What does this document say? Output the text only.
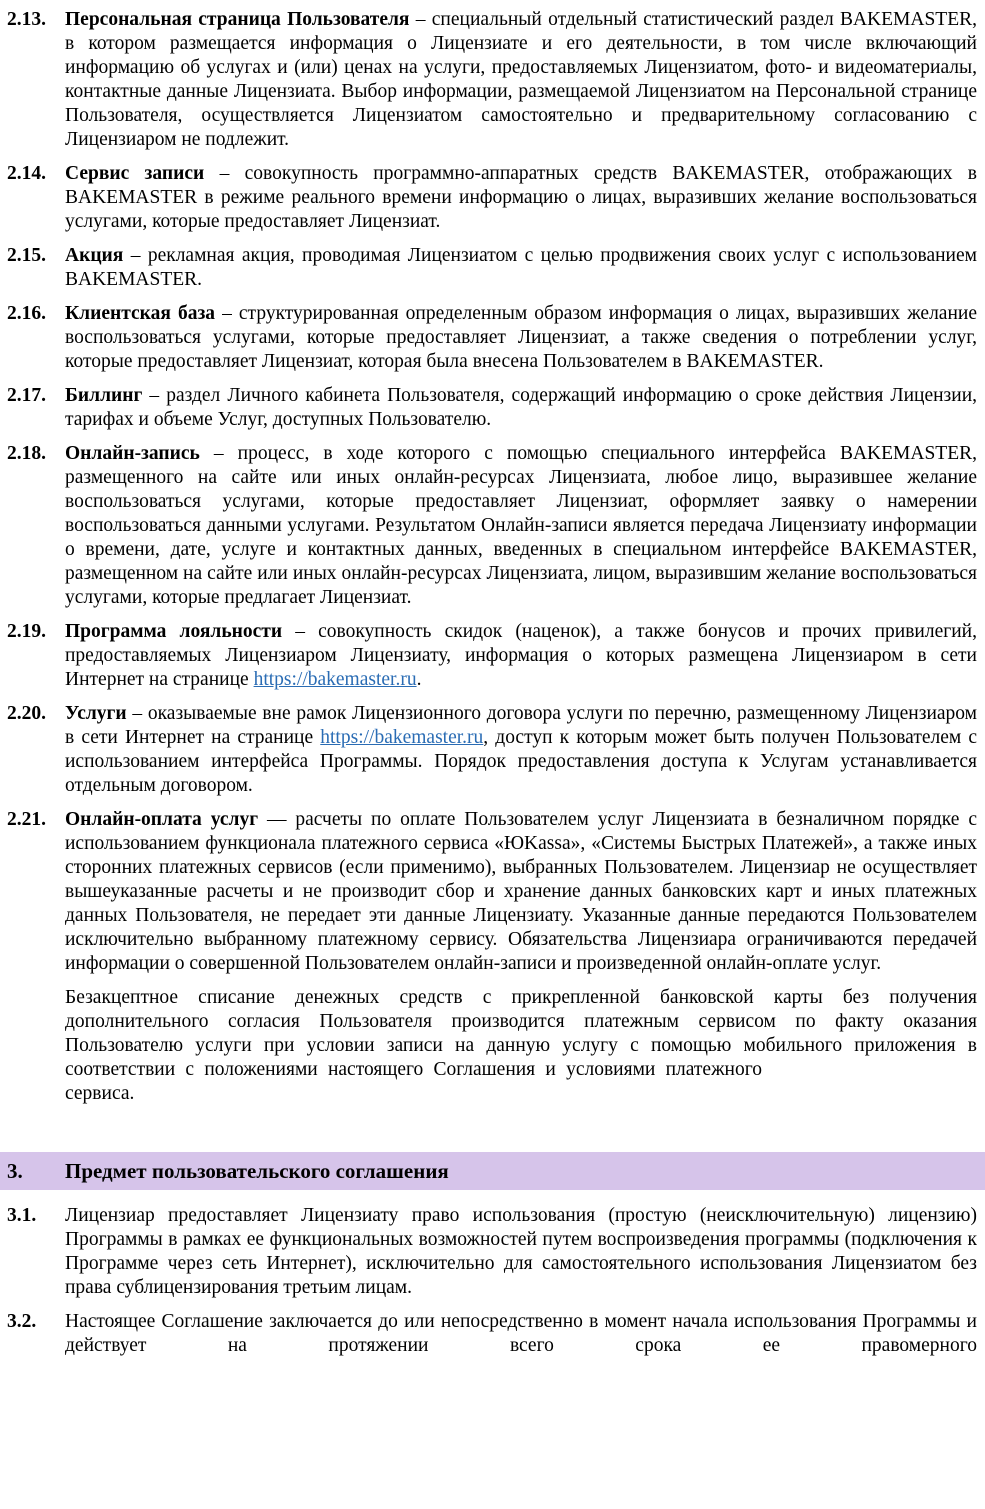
2.13. Персональная страница Пользователя – специальный отдельный статистический раздел BAKEMASTER, в котором размещается информация о Лицензиате и его деятельности, в том числе включающий информацию об услугах и (или) ценах на услуги, предоставляемых Лицензиатом, фото- и видеоматериалы, контактные данные Лицензиата. Выбор информации, размещаемой Лицензиатом на Персональной странице Пользователя, осуществляется Лицензиатом самостоятельно и предварительному согласованию с Лицензиаром не подлежит.

2.14. Сервис записи – совокупность программно-аппаратных средств BAKEMASTER, отображающих в BAKEMASTER в режиме реального времени информацию о лицах, выразивших желание воспользоваться услугами, которые предоставляет Лицензиат.

2.15. Акция – рекламная акция, проводимая Лицензиатом с целью продвижения своих услуг с использованием BAKEMASTER.

2.16. Клиентская база – структурированная определенным образом информация о лицах, выразивших желание воспользоваться услугами, которые предоставляет Лицензиат, а также сведения о потреблении услуг, которые предоставляет Лицензиат, которая была внесена Пользователем в BAKEMASTER.

2.17. Биллинг – раздел Личного кабинета Пользователя, содержащий информацию о сроке действия Лицензии, тарифах и объеме Услуг, доступных Пользователю.

2.18. Онлайн-запись – процесс, в ходе которого с помощью специального интерфейса BAKEMASTER, размещенного на сайте или иных онлайн-ресурсах Лицензиата, любое лицо, выразившее желание воспользоваться услугами, которые предоставляет Лицензиат, оформляет заявку о намерении воспользоваться данными услугами. Результатом Онлайн-записи является передача Лицензиату информации о времени, дате, услуге и контактных данных, введенных в специальном интерфейсе BAKEMASTER, размещенном на сайте или иных онлайн-ресурсах Лицензиата, лицом, выразившим желание воспользоваться услугами, которые предлагает Лицензиат.

2.19. Программа лояльности – совокупность скидок (наценок), а также бонусов и прочих привилегий, предоставляемых Лицензиаром Лицензиату, информация о которых размещена Лицензиаром в сети Интернет на странице https://bakemaster.ru.

2.20. Услуги – оказываемые вне рамок Лицензионного договора услуги по перечню, размещенному Лицензиаром в сети Интернет на странице https://bakemaster.ru, доступ к которым может быть получен Пользователем с использованием интерфейса Программы. Порядок предоставления доступа к Услугам устанавливается отдельным договором.

2.21. Онлайн-оплата услуг — расчеты по оплате Пользователем услуг Лицензиата в безналичном порядке с использованием функционала платежного сервиса «ЮKassa», «Системы Быстрых Платежей», а также иных сторонних платежных сервисов (если применимо), выбранных Пользователем. Лицензиар не осуществляет вышеуказанные расчеты и не производит сбор и хранение данных банковских карт и иных платежных данных Пользователя, не передает эти данные Лицензиату. Указанные данные передаются Пользователем исключительно выбранному платежному сервису. Обязательства Лицензиара ограничиваются передачей информации о совершенной Пользователем онлайн-записи и произведенной онлайн-оплате услуг.

Безакцептное списание денежных средств с прикрепленной банковской карты без получения дополнительного согласия Пользователя производится платежным сервисом по факту оказания Пользователю услуги при условии записи на данную услугу с помощью мобильного приложения в соответствии с положениями настоящего Соглашения и условиями платежногосервиса.

3.	Предмет пользовательского соглашения
3.1.	Лицензиар предоставляет Лицензиату право использования (простую (неисключительную) лицензию) Программы в рамках ее функциональных возможностей путем воспроизведения программы (подключения к Программе через сеть Интернет), исключительно для самостоятельного использования Лицензиатом без права сублицензирования третьим лицам.

3.2.	Настоящее Соглашение заключается до или непосредственно в момент начала использования Программы и действует на протяжении всего срока ее правомерного
